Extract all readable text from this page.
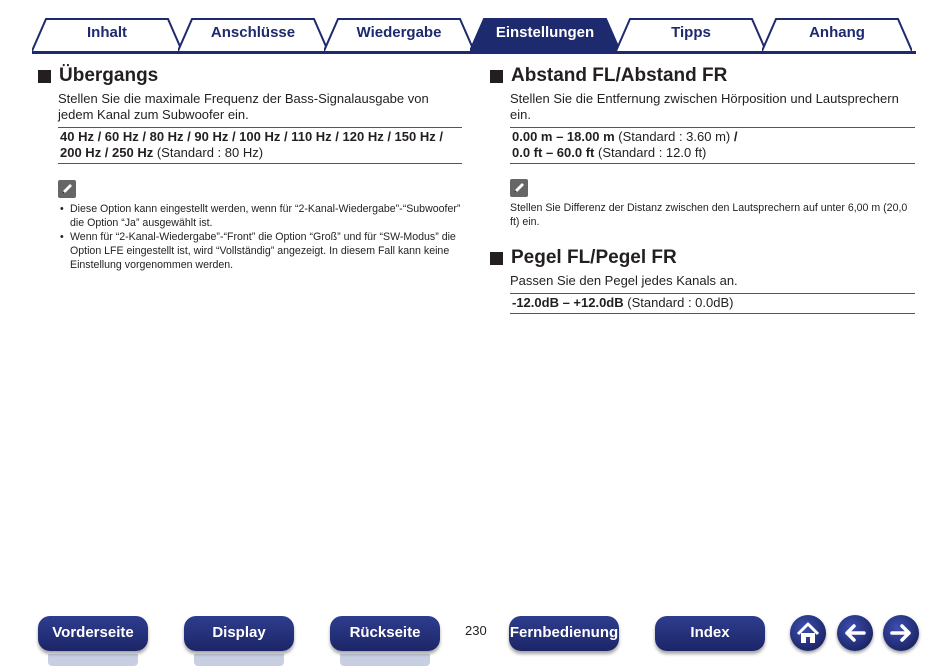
Inhalt	Anschlüsse	Wiedergabe	Einstellungen	Tipps	Anhang
Übergangs

Stellen Sie die maximale Frequenz der Bass-Signalausgabe von jedem Kanal zum Subwoofer ein.

40 Hz / 60 Hz / 80 Hz / 90 Hz / 100 Hz / 110 Hz / 120 Hz / 150 Hz / 200 Hz / 250 Hz (Standard : 80 Hz)
• Diese Option kann eingestellt werden, wenn für “2-Kanal-Wiedergabe”-“Subwoofer” die Option “Ja” ausgewählt ist.
• Wenn für “2-Kanal-Wiedergabe”-“Front” die Option “Groß” und für “SW-Modus” die Option LFE eingestellt ist, wird “Vollständig” angezeigt. In diesem Fall kann keine Einstellung vorgenommen werden.
Abstand FL/Abstand FR

Stellen Sie die Entfernung zwischen Hörposition und Lautsprechern ein.

0.00 m – 18.00 m (Standard : 3.60 m) /
0.0 ft – 60.0 ft (Standard : 12.0 ft)
Stellen Sie Differenz der Distanz zwischen den Lautsprechern auf unter 6,00 m (20,0 ft) ein.
Pegel FL/Pegel FR

Passen Sie den Pegel jedes Kanals an.

-12.0dB – +12.0dB (Standard : 0.0dB)
Vorderseite	Display	Rückseite	230 Fernbedienung	Index
